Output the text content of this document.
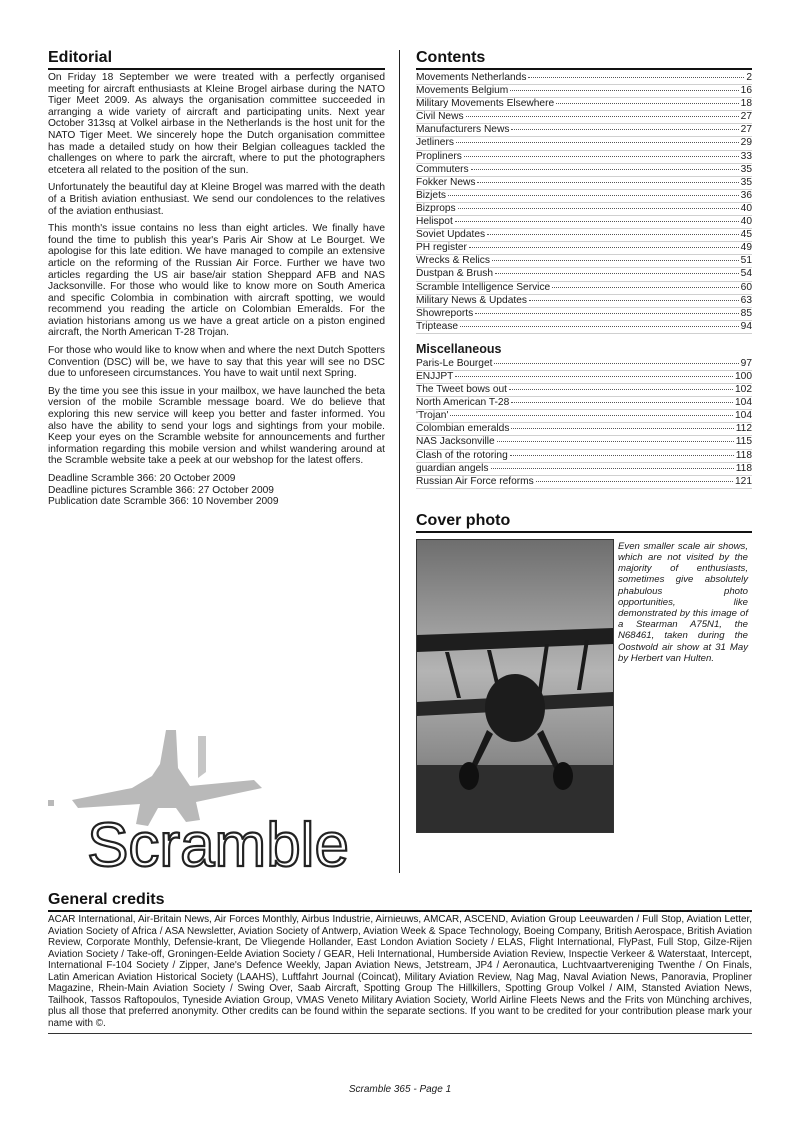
Editorial

On Friday 18 September we were treated with a perfectly organised meeting for aircraft enthusiasts at Kleine Brogel airbase during the NATO Tiger Meet 2009. As always the organisation committee succeeded in arranging a wide variety of aircraft and participating units. Next year October 313sq at Volkel airbase in the Netherlands is the host unit for the NATO Tiger Meet. We sincerely hope the Dutch organisation committee has made a detailed study on how their Belgian colleagues tackled the challenges on where to park the aircraft, where to put the photographers etcetera all related to the position of the sun.

Unfortunately the beautiful day at Kleine Brogel was marred with the death of a British aviation enthusiast. We send our condolences to the relatives of the aviation enthusiast.

This month's issue contains no less than eight articles. We finally have found the time to publish this year's Paris Air Show at Le Bourget. We apologise for this late edition. We have managed to compile an extensive article on the reforming of the Russian Air Force. Further we have two articles regarding the US air base/air station Sheppard AFB and NAS Jacksonville. For those who would like to know more on South America and specific Colombia in combination with aircraft spotting, we would recommend you reading the article on Colombian Emeralds. For the aviation historians among us we have a great article on a piston engined aircraft, the North American T-28 Trojan.

For those who would like to know when and where the next Dutch Spotters Convention (DSC) will be, we have to say that this year will see no DSC due to unforeseen circumstances. You have to wait until next Spring.

By the time you see this issue in your mailbox, we have launched the beta version of the mobile Scramble message board. We do believe that exploring this new service will keep you better and faster informed. You also have the ability to send your logs and sightings from your mobile. Keep your eyes on the Scramble website for announcements and further information regarding this mobile version and whilst wandering around at the Scramble website take a peek at our webshop for the latest offers.

Deadline Scramble 366: 20 October 2009
Deadline pictures Scramble 366: 27 October 2009
Publication date Scramble 366: 10 November 2009
Scramble
Contents
Movements Netherlands	2
Movements Belgium	16
Military Movements Elsewhere	18
Civil News	27
Manufacturers News	27
Jetliners	29
Propliners	33
Commuters	35
Fokker News	35
Bizjets	36
Bizprops	40
Helispot	40
Soviet Updates	45
PH register	49
Wrecks & Relics	51
Dustpan & Brush	54
Scramble Intelligence Service	60
Military News & Updates	63
Showreports	85
Triptease	94
Miscellaneous
Paris-Le Bourget	97
ENJJPT	100
The Tweet bows out	102
North American T-28	104
'Trojan'	104
Colombian emeralds	112
NAS Jacksonville	115
Clash of the rotoring	118
guardian angels	118
Russian Air Force reforms	121
Cover photo
Even smaller scale air shows, which are not visited by the majority of enthusiasts, sometimes give absolutely phabulous photo opportunities, like demonstrated by this image of a Stearman A75N1, the N68461, taken during the Oostwold air show at 31 May by Herbert van Hulten.
General credits
ACAR International, Air-Britain News, Air Forces Monthly, Airbus Industrie, Airnieuws, AMCAR, ASCEND, Aviation Group Leeuwarden / Full Stop, Aviation Letter, Aviation Society of Africa / ASA Newsletter, Aviation Society of Antwerp, Aviation Week & Space Technology, Boeing Company, British Aerospace, British Aviation Review, Corporate Monthly, Defensie-krant, De Vliegende Hollander, East London Aviation Society / ELAS, Flight International, FlyPast, Full Stop, Gilze-Rijen Aviation Society / Take-off, Groningen-Eelde Aviation Society / GEAR, Heli International, Humberside Aviation Review, Inspectie Verkeer & Waterstaat, Intercept, International F-104 Society / Zipper, Jane's Defence Weekly, Japan Aviation News, Jetstream, JP4 / Aeronautica, Luchtvaartvereniging Twenthe / On Finals, Latin American Aviation Historical Society (LAAHS), Luftfahrt Journal (Coincat), Military Aviation Review, Nag Mag, Naval Aviation News, Panoravia, Propliner Magazine, Rhein-Main Aviation Society / Swing Over, Saab Aircraft, Spotting Group The Hillkillers, Spotting Group Volkel / AIM, Stansted Aviation News, Tailhook, Tassos Raftopoulos, Tyneside Aviation Group, VMAS Veneto Military Aviation Society, World Airline Fleets News and the Frits von Münching archives, plus all those that preferred anonymity. Other credits can be found within the separate sections. If you want to be credited for your contribution please mark your name with ©.
Scramble 365 - Page 1
